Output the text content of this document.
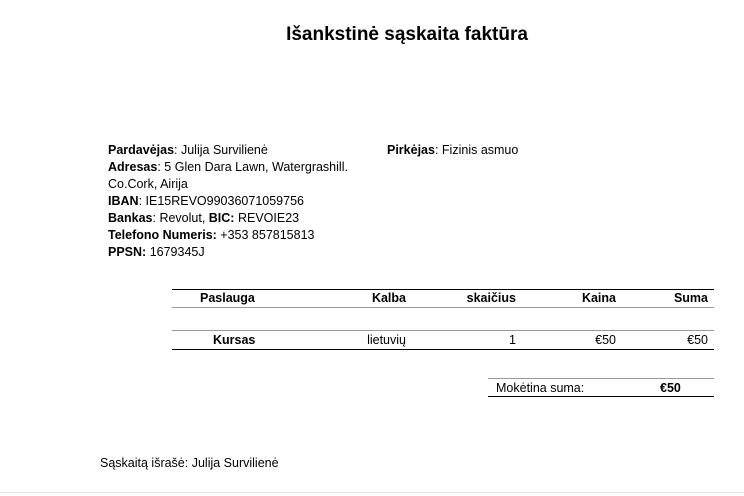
Išankstinė sąskaita faktūra
Pardavėjas: Julija Survilienė
Adresas: 5 Glen Dara Lawn, Watergrashill.
Co.Cork, Airija
IBAN: IE15REVO99036071059756
Bankas: Revolut, BIC: REVOIE23
Telefono Numeris: +353 857815813
PPSN: 1679345J
Pirkėjas: Fizinis asmuo
Paslauga	Kalba	skaičius	Kaina	Suma
Kursas	lietuvių	1	€50	€50
Mokėtina suma:	€50
Sąskaitą išrašė: Julija Survilienė
